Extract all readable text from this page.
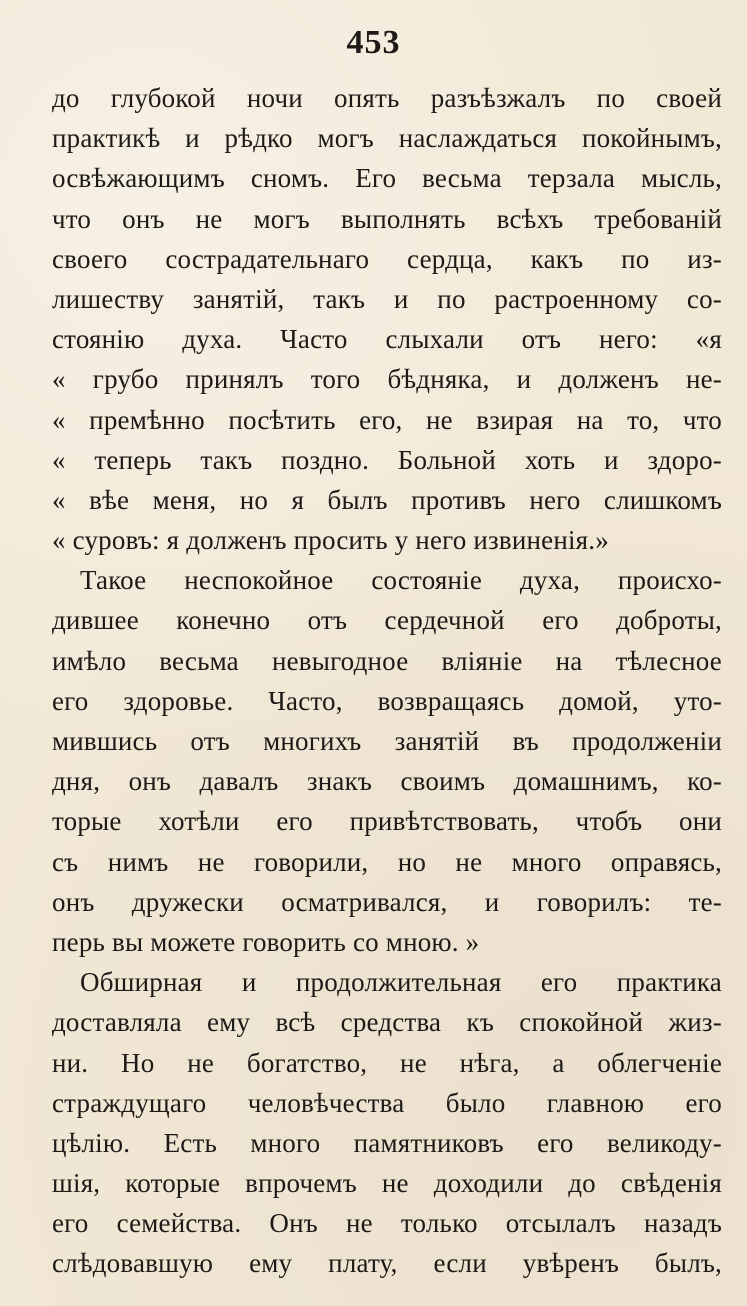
453
до глубокой ночи опять разъѣзжалъ по своей
практикѣ и рѣдко могъ наслаждаться покойнымъ,
освѣжающимъ сномъ. Его весьма терзала мысль,
что онъ не могъ выполнять всѣхъ требованій
своего сострадательнаго сердца, какъ по из-
лишеству занятій, такъ и по растроенному со-
стоянію духа. Часто слыхали отъ него: «я
« грубо принялъ того бѣдняка, и долженъ не-
« премѣнно посѣтить его, не взирая на то, что
« теперь такъ поздно. Больной хоть и здоро-
« вѣе меня, но я былъ противъ него слишкомъ
« суровъ: я долженъ просить у него извиненія.»
Такое неспокойное состояніе духа, происхо-
дившее конечно отъ сердечной его доброты,
имѣло весьма невыгодное вліяніе на тѣлесное
его здоровье. Часто, возвращаясь домой, уто-
мившись отъ многихъ занятій въ продолженіи
дня, онъ давалъ знакъ своимъ домашнимъ, ко-
торые хотѣли его привѣтствовать, чтобъ они
съ нимъ не говорили, но не много оправясь,
онъ дружески осматривался, и говорилъ: те-
перь вы можете говорить со мною. »
Обширная и продолжительная его практика
доставляла ему всѣ средства къ спокойной жиз-
ни. Но не богатство, не нѣга, а облегченіе
страждущаго человѣчества было главною его
цѣлію. Есть много памятниковъ его великоду-
шія, которые впрочемъ не доходили до свѣденія
его семейства. Онъ не только отсылалъ назадъ
слѣдовавшую ему плату, если увѣренъ былъ,
